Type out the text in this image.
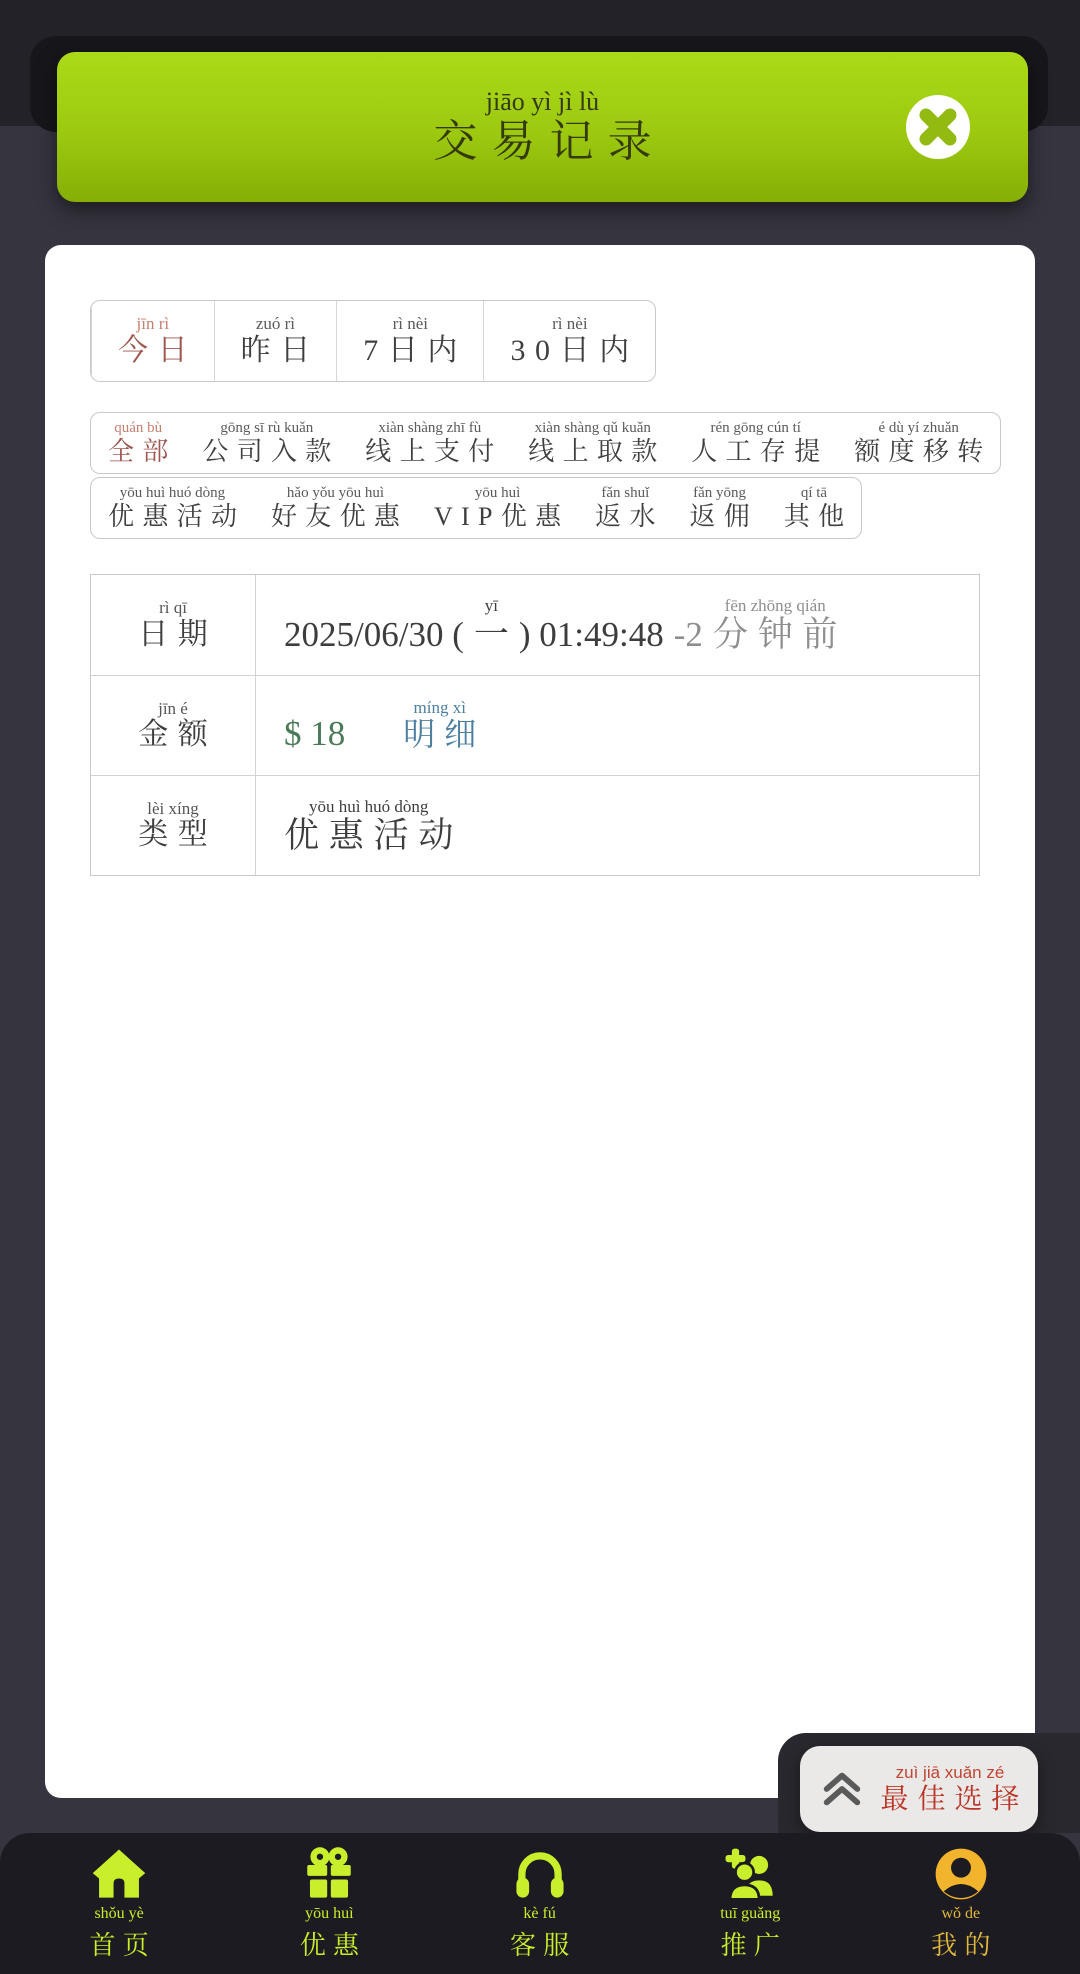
jiāo yì jì lù
交易记录
jīn rì
今日
zuó rì
昨日
rì nèi
7日内
rì nèi
30日内
quán bù
全部
gōng sī rù kuǎn
公司入款
xiàn shàng zhī fù
线上支付
xiàn shàng qǔ kuǎn
线上取款
rén gōng cún tí
人工存提
é dù yí zhuǎn
额度移转

yōu huì huó dòng
优惠活动
hǎo yǒu yōu huì
好友优惠
yōu huì
VIP优惠
fǎn shuǐ
返水
fǎn yōng
返佣
qí tā
其他
rì qī
日期 2025/06/30 (
yī
一 ) 01:49:48 -2
fēn zhōng qián
分钟前
jīn é
金额 $ 18
míng xì
明细
lèi xíng
类型
yōu huì huó dòng
优惠活动
zuì jiā xuǎn zé
最佳选择
shǒu yè
首页
yōu huì
优惠
kè fú
客服
tuī guǎng
推广
wǒ de
我的
